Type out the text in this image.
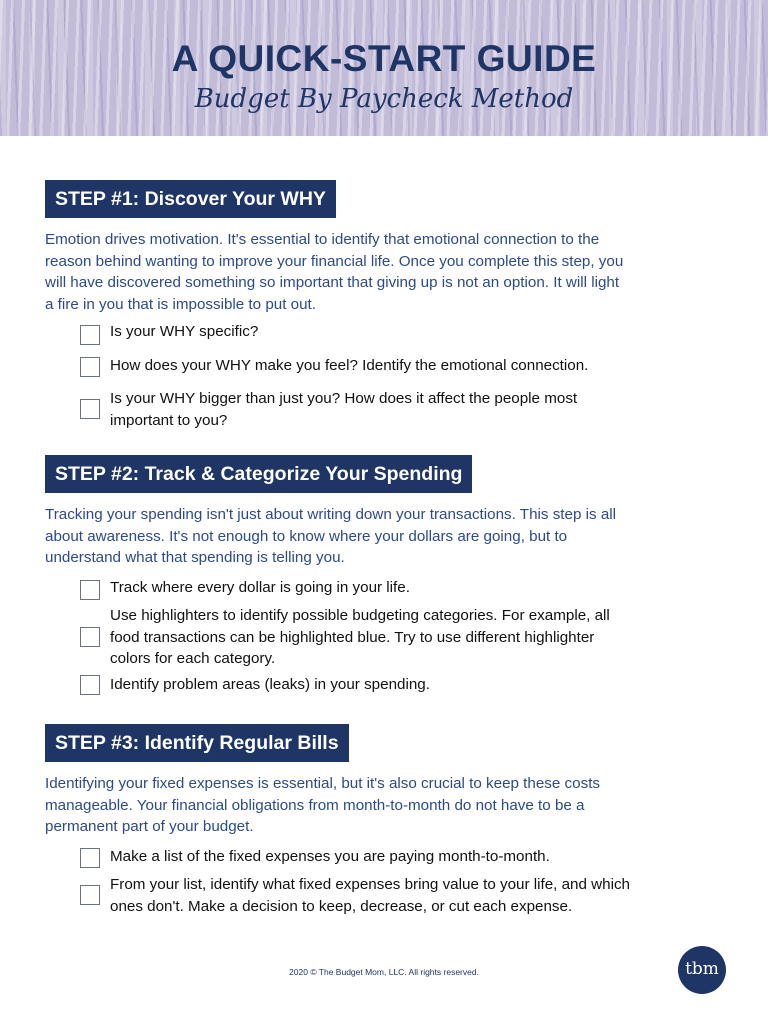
A QUICK-START GUIDE
Budget By Paycheck Method
STEP #1: Discover Your WHY
Emotion drives motivation. It's essential to identify that emotional connection to the
reason behind wanting to improve your financial life. Once you complete this step, you
will have discovered something so important that giving up is not an option. It will light
a fire in you that is impossible to put out.
Is your WHY specific?
How does your WHY make you feel? Identify the emotional connection.
Is your WHY bigger than just you? How does it affect the people most
important to you?
STEP #2: Track & Categorize Your Spending
Tracking your spending isn't just about writing down your transactions. This step is all
about awareness. It's not enough to know where your dollars are going, but to
understand what that spending is telling you.
Track where every dollar is going in your life.
Use highlighters to identify possible budgeting categories. For example, all
food transactions can be highlighted blue. Try to use different highlighter
colors for each category.
Identify problem areas (leaks) in your spending.
STEP #3: Identify Regular Bills
Identifying your fixed expenses is essential, but it's also crucial to keep these costs
manageable. Your financial obligations from month-to-month do not have to be a
permanent part of your budget.
Make a list of the fixed expenses you are paying month-to-month.
From your list, identify what fixed expenses bring value to your life, and which
ones don't. Make a decision to keep, decrease, or cut each expense.
2020 © The Budget Mom, LLC. All rights reserved.	tbm
